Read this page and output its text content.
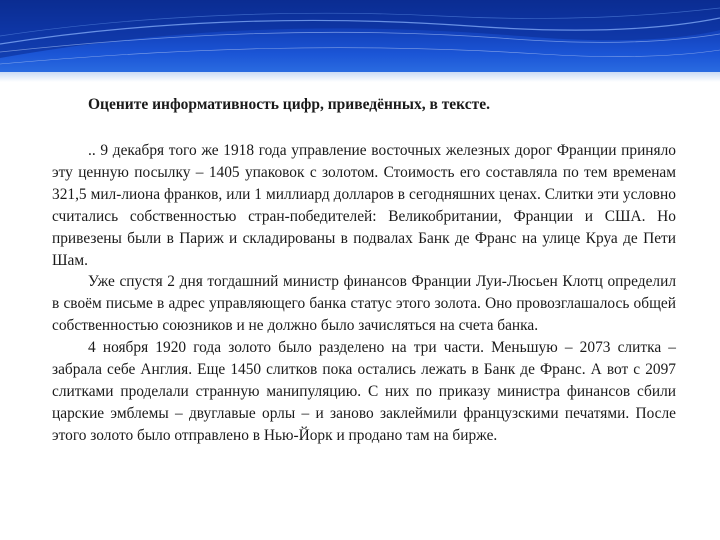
Оцените информативность цифр, приведённых, в тексте.

.. 9 декабря того же 1918 года управление восточных железных дорог Франции приняло эту ценную посылку – 1405 упаковок с золотом. Стоимость его составляла по тем временам 321,5 мил-лиона франков, или 1 миллиард долларов в сегодняшних ценах. Слитки эти условно считались собственностью стран-победителей: Великобритании, Франции и США. Но привезены были в Париж и складированы в подвалах Банк де Франс на улице Круа де Пети Шам.

Уже спустя 2 дня тогдашний министр финансов Франции Луи-Люсьен Клотц определил в своём письме в адрес управляющего банка статус этого золота. Оно провозглашалось общей собственностью союзников и не должно было зачисляться на счета банка.

4 ноября 1920 года золото было разделено на три части. Меньшую – 2073 слитка – забрала себе Англия. Еще 1450 слитков пока остались лежать в Банк де Франс. А вот с 2097 слитками проделали странную манипуляцию. С них по приказу министра финансов сбили царские эмблемы – двуглавые орлы – и заново заклеймили французскими печатями. После этого золото было отправлено в Нью-Йорк и продано там на бирже.
